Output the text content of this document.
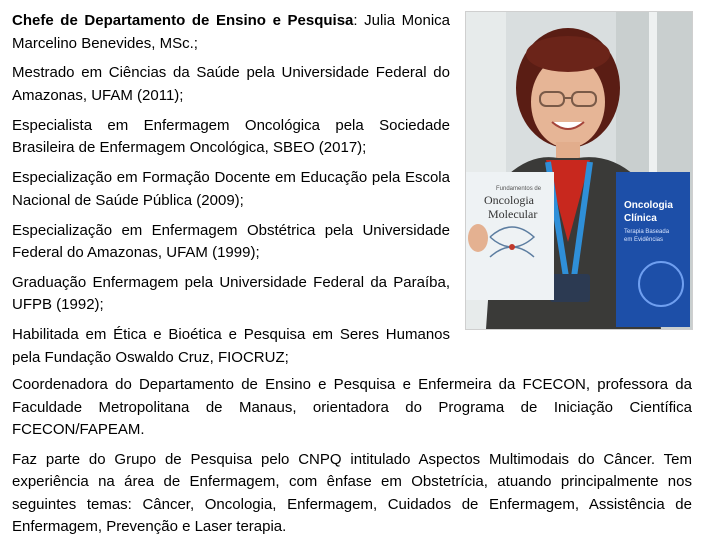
Chefe de Departamento de Ensino e Pesquisa: Julia Monica Marcelino Benevides, MSc.;

Mestrado em Ciências da Saúde pela Universidade Federal do Amazonas, UFAM (2011);

Especialista em Enfermagem Oncológica pela Sociedade Brasileira de Enfermagem Oncológica, SBEO (2017);

Especialização em Formação Docente em Educação pela Escola Nacional de Saúde Pública (2009);

Especialização em Enfermagem Obstétrica pela Universidade Federal do Amazonas, UFAM (1999);

Graduação Enfermagem pela Universidade Federal da Paraíba, UFPB (1992);

Habilitada em Ética e Bioética e Pesquisa em Seres Humanos pela Fundação Oswaldo Cruz, FIOCRUZ;

Fundamentos de
Oncologia
Molecular
Oncologia
Clínica
Terapia Baseada
em Evidências

Coordenadora do Departamento de Ensino e Pesquisa e Enfermeira da FCECON, professora da Faculdade Metropolitana de Manaus, orientadora do Programa de Iniciação Científica FCECON/FAPEAM.

Faz parte do Grupo de Pesquisa pelo CNPQ intitulado Aspectos Multimodais do Câncer. Tem experiência na área de Enfermagem, com ênfase em Obstetrícia, atuando principalmente nos seguintes temas: Câncer, Oncologia, Enfermagem, Cuidados de Enfermagem, Assistência de Enfermagem, Prevenção e Laser terapia.
